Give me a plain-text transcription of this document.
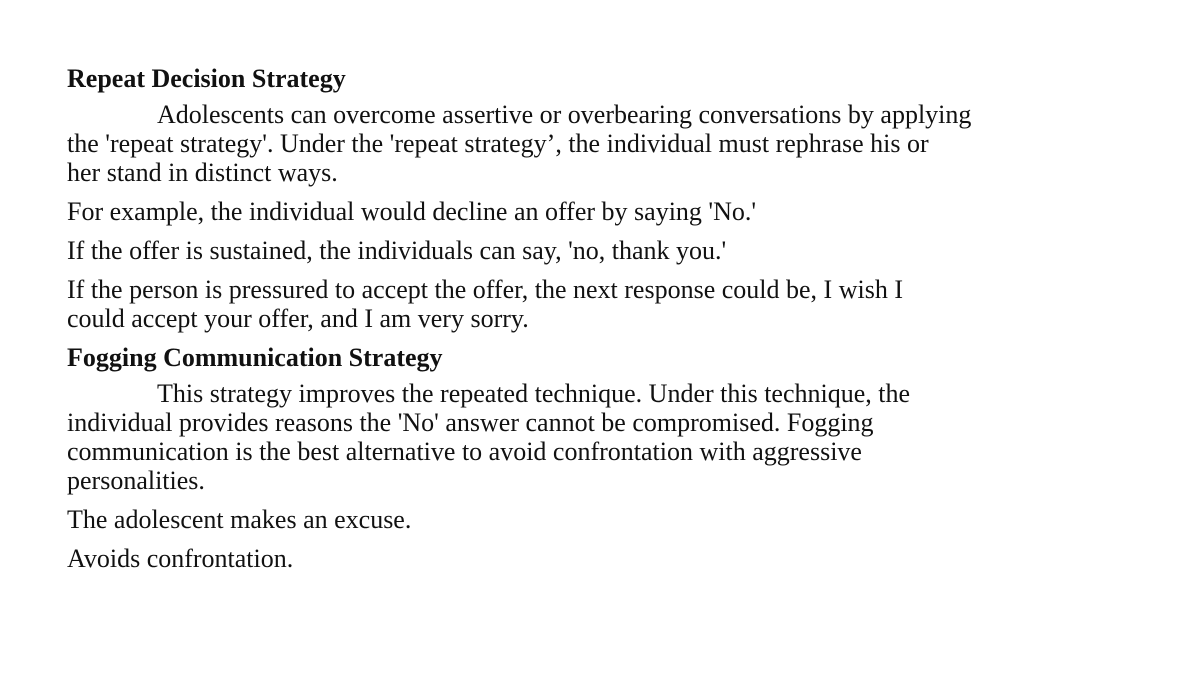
Repeat Decision Strategy

Adolescents can overcome assertive or overbearing conversations by applying
the 'repeat strategy'. Under the 'repeat strategy’, the individual must rephrase his or
her stand in distinct ways.

For example, the individual would decline an offer by saying 'No.'

If the offer is sustained, the individuals can say, 'no, thank you.'

If the person is pressured to accept the offer, the next response could be, I wish I
could accept your offer, and I am very sorry.

Fogging Communication Strategy

This strategy improves the repeated technique. Under this technique, the
individual provides reasons the 'No' answer cannot be compromised. Fogging
communication is the best alternative to avoid confrontation with aggressive
personalities.

The adolescent makes an excuse.

Avoids confrontation.
